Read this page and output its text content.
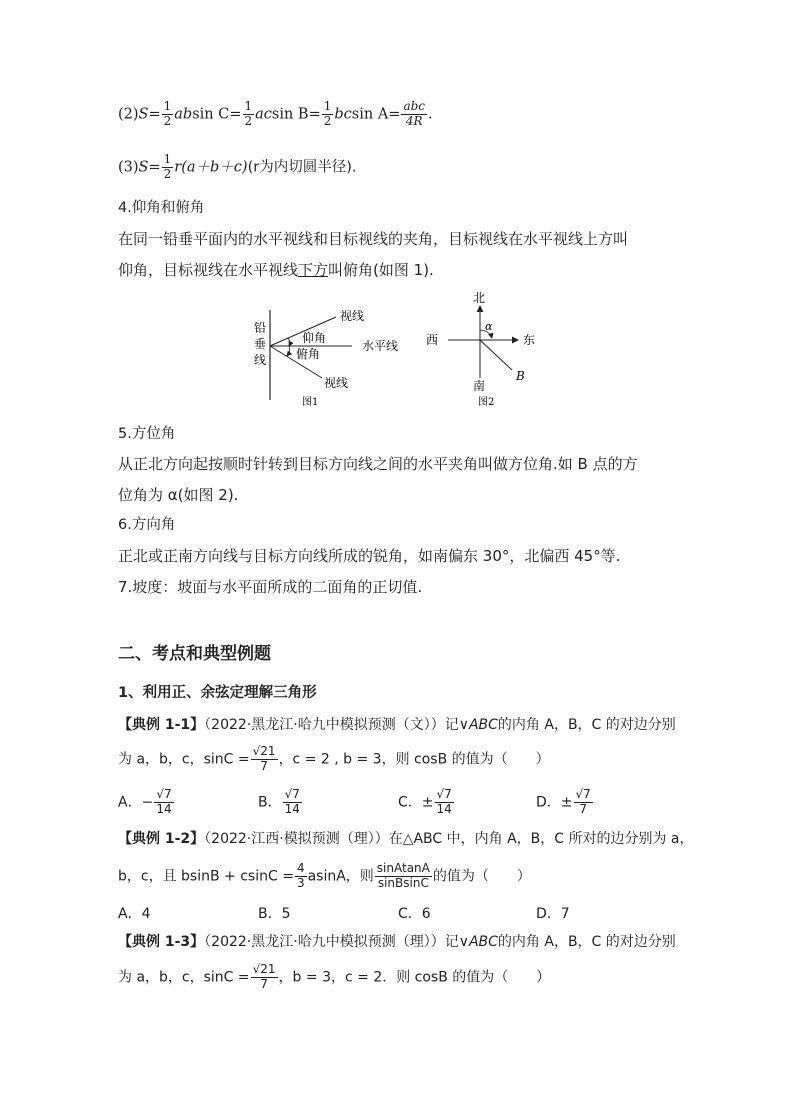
$(2)S= \frac{1}{2}$ absin $C= \frac{1}{2}$ acsin $B= \frac{1}{2}$ bcsin $A= \frac{\text{abc}}{4R}$ .
$(3)S= \frac{1}{2} r(a+b+c)(r$为内切圆半径).
4.仰角和俯角
在同一铅垂平面内的水平视线和目标视线的夹角，目标视线在水平视线上方叫
仰角，目标视线在水平视线下方叫俯角(如图 1).
铅
垂
线
视线
仰角
水平线
俯角
视线
图1
北
西	东
南
α
B
图2
5.方位角
从正北方向起按顺时针转到目标方向线之间的水平夹角叫做方位角.如 B 点的方
位角为 α(如图 2).
6.方向角
正北或正南方向线与目标方向线所成的锐角，如南偏东 30°，北偏西 45°等.
7.坡度：坡面与水平面所成的二面角的正切值.
二、考点和典型例题
1、利用正、余弦定理解三角形
【典例 1-1】（2022·黑龙江·哈九中模拟预测（文））记∨ABC的内角 A，B，C 的对边分别
为 a，b，c，$\sin C = \frac{√21}{7}$ ，c = 2 , b = 3，则 cosB 的值为（　　）
A．− $\frac{√7}{14}$	B． $\frac{√7}{14}$	C．± $\frac{√7}{14}$	D．± $\frac{√7}{7}$
【典例 1-2】（2022·江西·模拟预测（理））在△ABC 中，内角 A，B，C 所对的边分别为 a，
b，c，且 $bsinB + csinC = \frac{4}{3}$ asinA，则 $\frac{\text{sinAtanA}}{\text{sinBsinC}}$ 的值为（　　）
A．4	B．5	C．6	D．7
【典例 1-3】（2022·黑龙江·哈九中模拟预测（理））记∨ABC的内角 A，B，C 的对边分别
为 a，b，c，$\sin C = \frac{√21}{7}$ ，b = 3，c = 2．则 cosB 的值为（　　）
